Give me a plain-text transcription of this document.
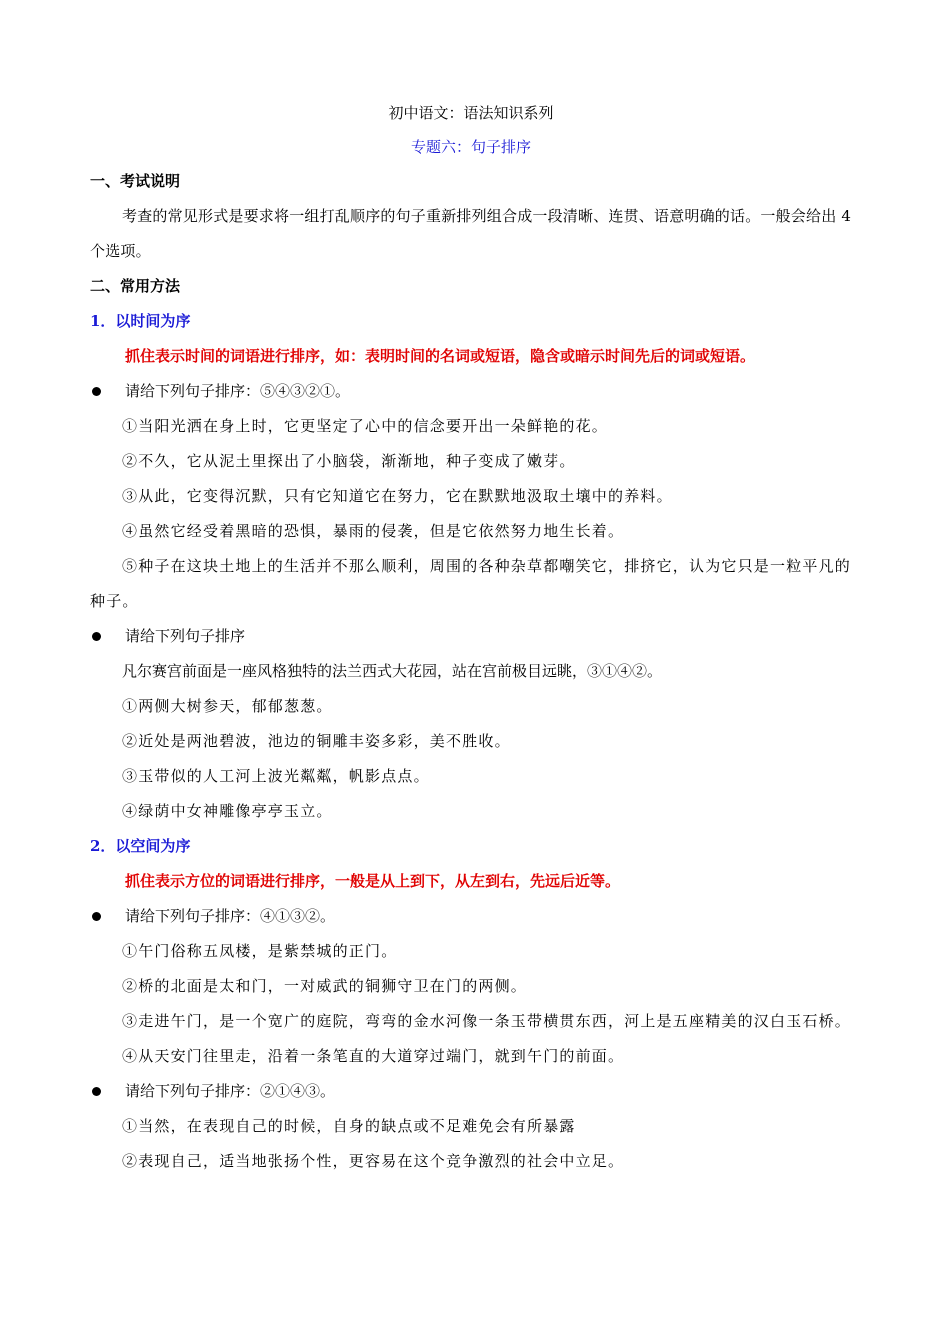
初中语文：语法知识系列
专题六：句子排序
一、考试说明
考查的常见形式是要求将一组打乱顺序的句子重新排列组合成一段清晰、连贯、语意明确的话。一般会给出 4 个选项。
二、常用方法
1．以时间为序
抓住表示时间的词语进行排序，如：表明时间的名词或短语，隐含或暗示时间先后的词或短语。
请给下列句子排序：⑤④③②①。
①当阳光洒在身上时，它更坚定了心中的信念要开出一朵鲜艳的花。
②不久，它从泥土里探出了小脑袋，渐渐地，种子变成了嫩芽。
③从此，它变得沉默，只有它知道它在努力，它在默默地汲取土壤中的养料。
④虽然它经受着黑暗的恐惧，暴雨的侵袭，但是它依然努力地生长着。
⑤种子在这块土地上的生活并不那么顺利，周围的各种杂草都嘲笑它，排挤它，认为它只是一粒平凡的种子。
请给下列句子排序
凡尔赛宫前面是一座风格独特的法兰西式大花园，站在宫前极目远眺，③①④②。
①两侧大树参天，郁郁葱葱。
②近处是两池碧波，池边的铜雕丰姿多彩，美不胜收。
③玉带似的人工河上波光粼粼，帆影点点。
④绿荫中女神雕像亭亭玉立。
2．以空间为序
抓住表示方位的词语进行排序，一般是从上到下，从左到右，先远后近等。
请给下列句子排序：④①③②。
①午门俗称五凤楼，是紫禁城的正门。
②桥的北面是太和门，一对威武的铜狮守卫在门的两侧。
③走进午门，是一个宽广的庭院，弯弯的金水河像一条玉带横贯东西，河上是五座精美的汉白玉石桥。
④从天安门往里走，沿着一条笔直的大道穿过端门，就到午门的前面。
请给下列句子排序：②①④③。
①当然，在表现自己的时候，自身的缺点或不足难免会有所暴露
②表现自己，适当地张扬个性，更容易在这个竞争激烈的社会中立足。
